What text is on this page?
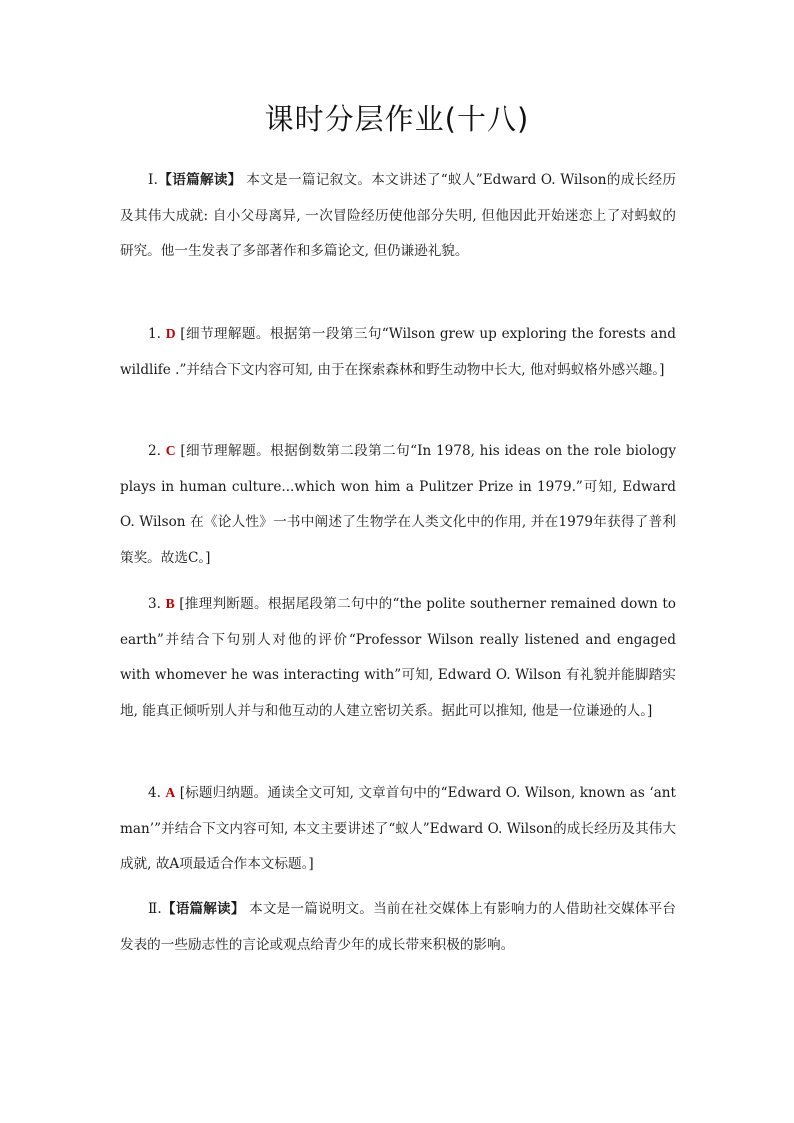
课时分层作业(十八)
Ⅰ.【语篇解读】 本文是一篇记叙文。本文讲述了“蚁人”Edward O. Wilson的成长经历及其伟大成就: 自小父母离异, 一次冒险经历使他部分失明, 但他因此开始迷恋上了对蚂蚁的研究。他一生发表了多部著作和多篇论文, 但仍谦逊礼貌。
1. D [细节理解题。根据第一段第三句“Wilson grew up exploring the forests and wildlife .”并结合下文内容可知, 由于在探索森林和野生动物中长大, 他对蚂蚁格外感兴趣。]
2. C [细节理解题。根据倒数第二段第二句“In 1978, his ideas on the role biology plays in human culture...which won him a Pulitzer Prize in 1979.”可知, Edward O. Wilson 在《论人性》一书中阐述了生物学在人类文化中的作用, 并在1979年获得了普利策奖。故选C。]
3. B [推理判断题。根据尾段第二句中的“the polite southerner remained down to earth”并结合下句别人对他的评价“Professor Wilson really listened and engaged with whomever he was interacting with”可知, Edward O. Wilson 有礼貌并能脚踏实地, 能真正倾听别人并与和他互动的人建立密切关系。据此可以推知, 他是一位谦逊的人。]
4. A [标题归纳题。通读全文可知, 文章首句中的“Edward O. Wilson, known as ‘ant man’”并结合下文内容可知, 本文主要讲述了“蚁人”Edward O. Wilson的成长经历及其伟大成就, 故A项最适合作本文标题。]
Ⅱ.【语篇解读】 本文是一篇说明文。当前在社交媒体上有影响力的人借助社交媒体平台发表的一些励志性的言论或观点给青少年的成长带来积极的影响。
